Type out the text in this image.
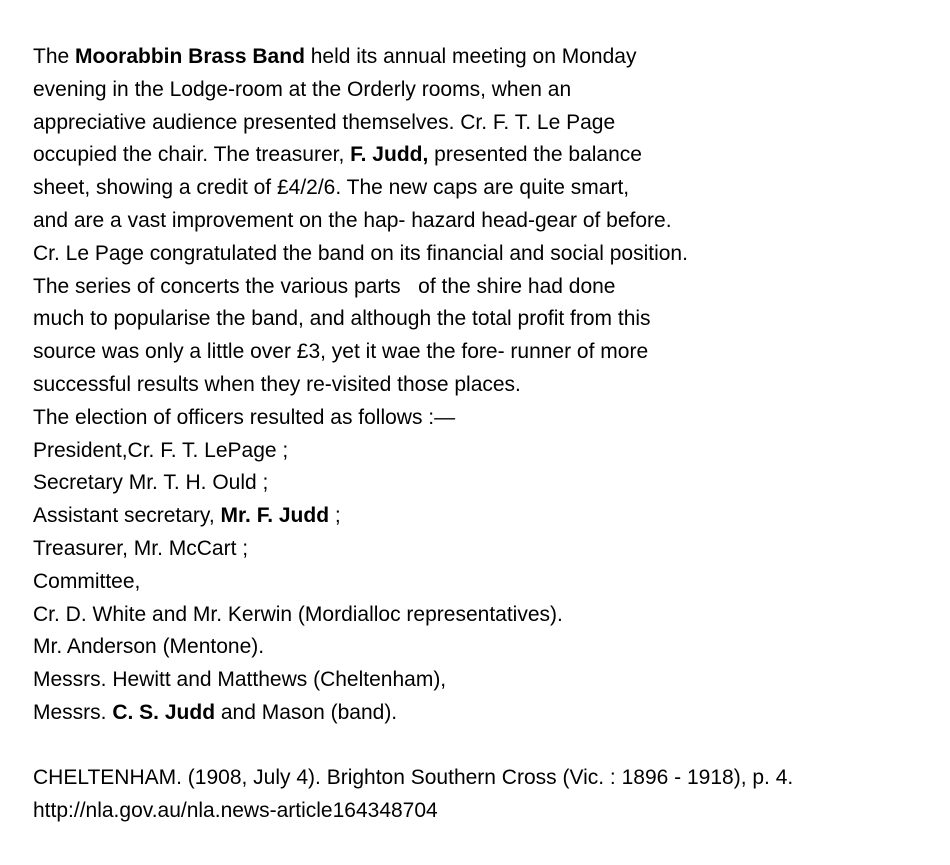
The Moorabbin Brass Band held its annual meeting on Monday
evening in the Lodge-room at the Orderly rooms, when an
appreciative audience presented themselves. Cr. F. T. Le Page
occupied the chair. The treasurer, F. Judd, presented the balance
sheet, showing a credit of £4/2/6. The new caps are quite smart,
and are a vast improvement on the hap- hazard head-gear of before.
Cr. Le Page congratulated the band on its financial and social position.
The series of concerts the various parts   of the shire had done
much to popularise the band, and although the total profit from this
source was only a little over £3, yet it wae the fore- runner of more
successful results when they re-visited those places.
The election of officers resulted as follows :—
President,Cr. F. T. LePage ;
Secretary Mr. T. H. Ould ;
Assistant secretary, Mr. F. Judd ;
Treasurer, Mr. McCart ;
Committee,
Cr. D. White and Mr. Kerwin (Mordialloc representatives).
Mr. Anderson (Mentone).
Messrs. Hewitt and Matthews (Cheltenham),
Messrs. C. S. Judd and Mason (band).
CHELTENHAM. (1908, July 4). Brighton Southern Cross (Vic. : 1896 - 1918), p. 4.
http://nla.gov.au/nla.news-article164348704
